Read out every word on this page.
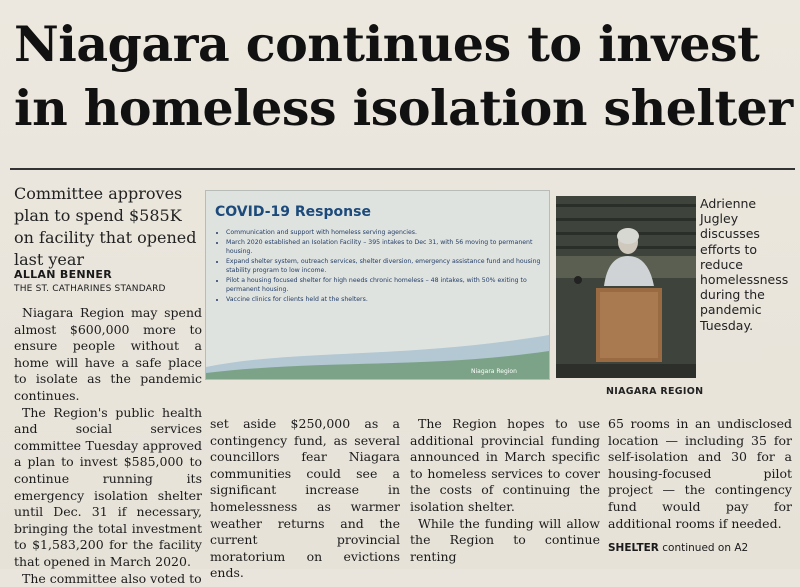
Niagara continues to invest
in homeless isolation shelter
Committee approves plan to spend $585K on facility that opened last year
ALLAN BENNER
THE ST. CATHARINES STANDARD
COVID-19 Response
• Communication and support with homeless serving agencies.
• March 2020 established an Isolation Facility – 395 intakes to Dec 31, with 56 moving to permanent housing.
• Expand shelter system, outreach services, shelter diversion, emergency assistance fund and housing stability program to low income.
• Pilot a housing focused shelter for high needs chronic homeless – 48 intakes, with 50% exiting to permanent housing.
• Vaccine clinics for clients held at the shelters.
Niagara Region
Adrienne Jugley discusses efforts to reduce homelessness during the pandemic Tuesday.
NIAGARA REGION

Niagara Region may spend almost $600,000 more to ensure people without a home will have a safe place to isolate as the pandemic continues.

The Region's public health and social services committee Tuesday approved a plan to invest $585,000 to continue running its emergency isolation shelter until Dec. 31 if necessary, bringing the total investment to $1,583,200 for the facility that opened in March 2020.

The committee also voted to

set aside $250,000 as a contingency fund, as several councillors fear Niagara communities could see a significant increase in homelessness as warmer weather returns and the current provincial moratorium on evictions ends.

The Region hopes to use additional provincial funding announced in March specific to homeless services to cover the costs of continuing the isolation shelter.

While the funding will allow the Region to continue renting

65 rooms in an undisclosed location — including 35 for self-isolation and 30 for a housing-focused pilot project — the contingency fund would pay for additional rooms if needed.

SHELTER continued on A2
